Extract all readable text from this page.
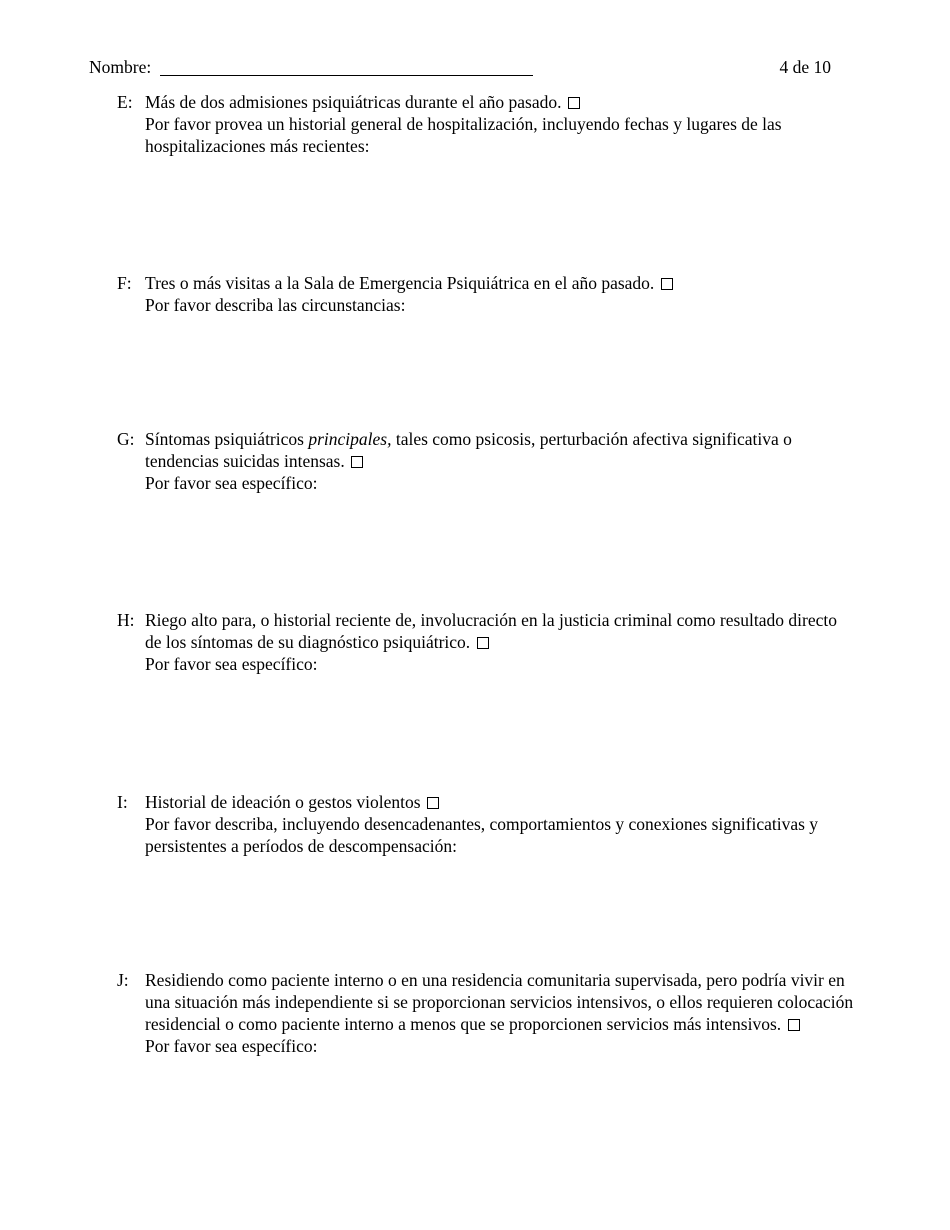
Nombre:	4 de 10
E: Más de dos admisiones psiquiátricas durante el año pasado.
Por favor provea un historial general de hospitalización, incluyendo fechas y lugares de las hospitalizaciones más recientes:
F: Tres o más visitas a la Sala de Emergencia Psiquiátrica en el año pasado.
Por favor describa las circunstancias:
G: Síntomas psiquiátricos principales, tales como psicosis, perturbación afectiva significativa o tendencias suicidas intensas.
Por favor sea específico:
H: Riego alto para, o historial reciente de, involucración en la justicia criminal como resultado directo de los síntomas de su diagnóstico psiquiátrico.
Por favor sea específico:
I: Historial de ideación o gestos violentos
Por favor describa, incluyendo desencadenantes, comportamientos y conexiones significativas y persistentes a períodos de descompensación:
J: Residiendo como paciente interno o en una residencia comunitaria supervisada, pero podría vivir en una situación más independiente si se proporcionan servicios intensivos, o ellos requieren colocación residencial o como paciente interno a menos que se proporcionen servicios más intensivos.
Por favor sea específico:
